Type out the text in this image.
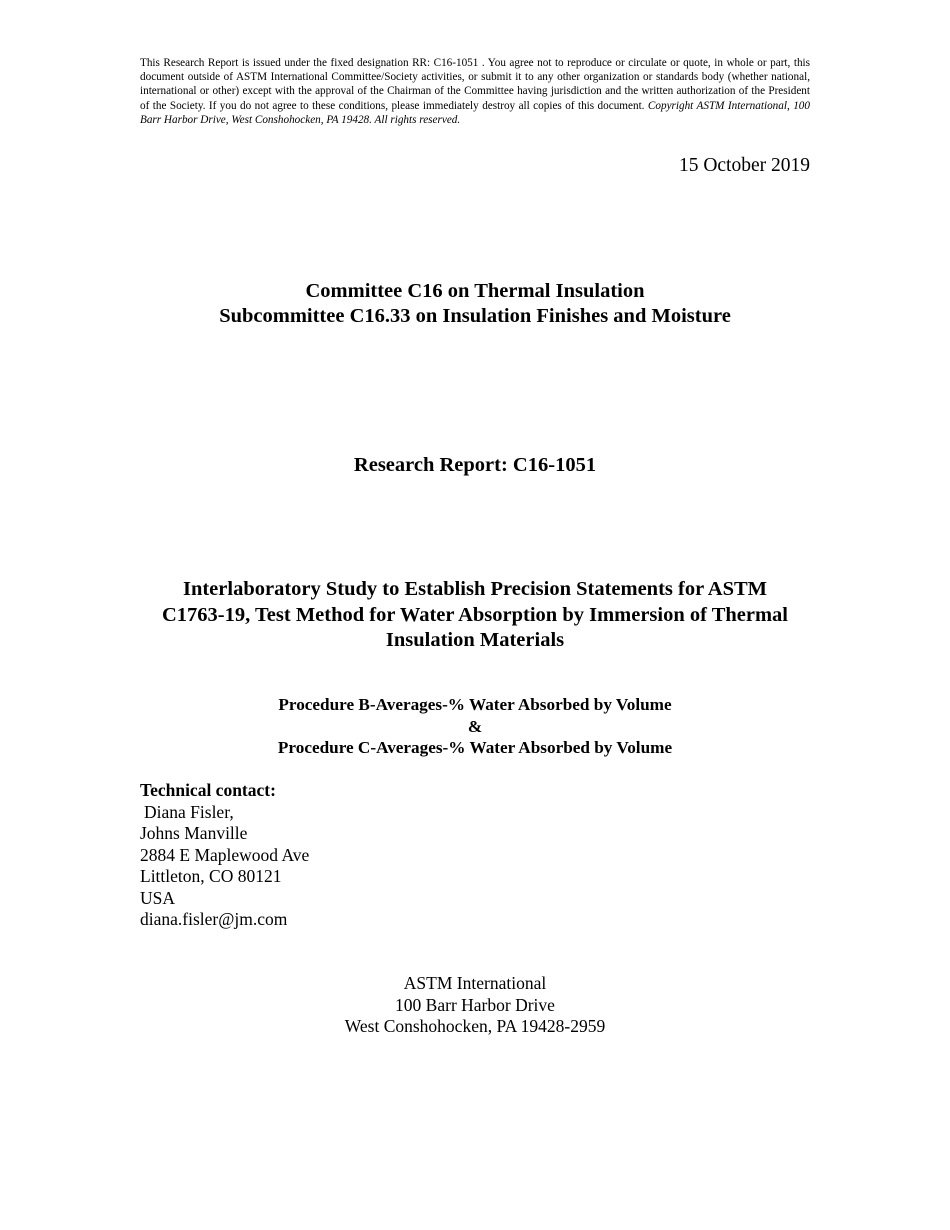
This Research Report is issued under the fixed designation RR: C16-1051 . You agree not to reproduce or circulate or quote, in whole or part, this document outside of ASTM International Committee/Society activities, or submit it to any other organization or standards body (whether national, international or other) except with the approval of the Chairman of the Committee having jurisdiction and the written authorization of the President of the Society. If you do not agree to these conditions, please immediately destroy all copies of this document. Copyright ASTM International, 100 Barr Harbor Drive, West Conshohocken, PA 19428. All rights reserved.
15 October 2019
Committee C16 on Thermal Insulation
Subcommittee C16.33 on Insulation Finishes and Moisture
Research Report: C16-1051
Interlaboratory Study to Establish Precision Statements for ASTM
C1763-19, Test Method for Water Absorption by Immersion of Thermal
Insulation Materials
Procedure B-Averages-% Water Absorbed by Volume
&
Procedure C-Averages-% Water Absorbed by Volume
Technical contact:
Diana Fisler,
Johns Manville
2884 E Maplewood Ave
Littleton, CO 80121
USA
diana.fisler@jm.com
ASTM International
100 Barr Harbor Drive
West Conshohocken, PA 19428-2959
